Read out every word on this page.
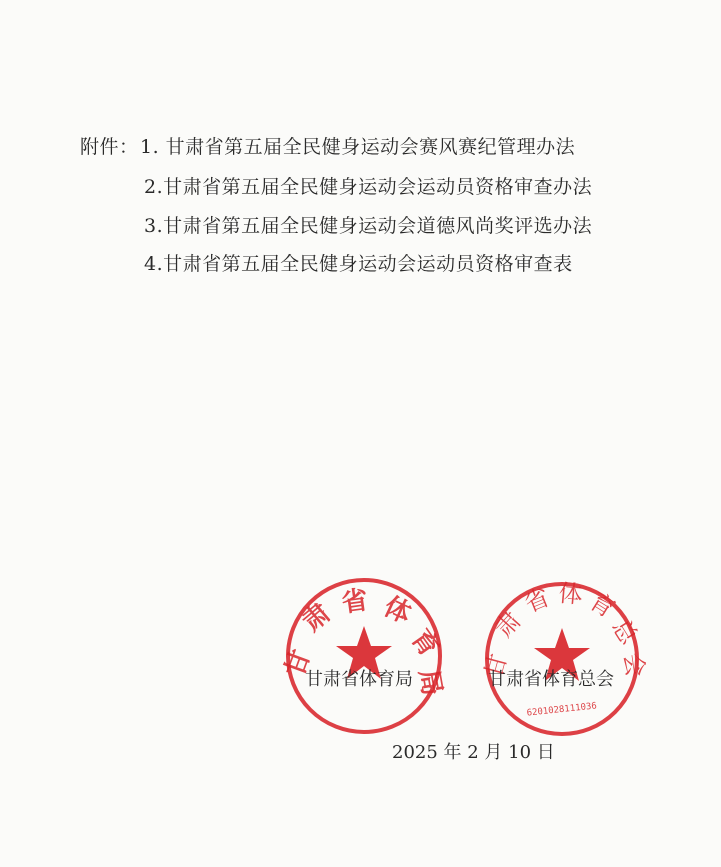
附件： 1. 甘肃省第五届全民健身运动会赛风赛纪管理办法
2.甘肃省第五届全民健身运动会运动员资格审查办法
3.甘肃省第五届全民健身运动会道德风尚奖评选办法
4.甘肃省第五届全民健身运动会运动员资格审查表
甘
肃 省 体
育
局
甘
肃
省 体 育
总
会
6201028111036
甘肃省体育局	甘肃省体育总会
2025 年 2 月 10 日
